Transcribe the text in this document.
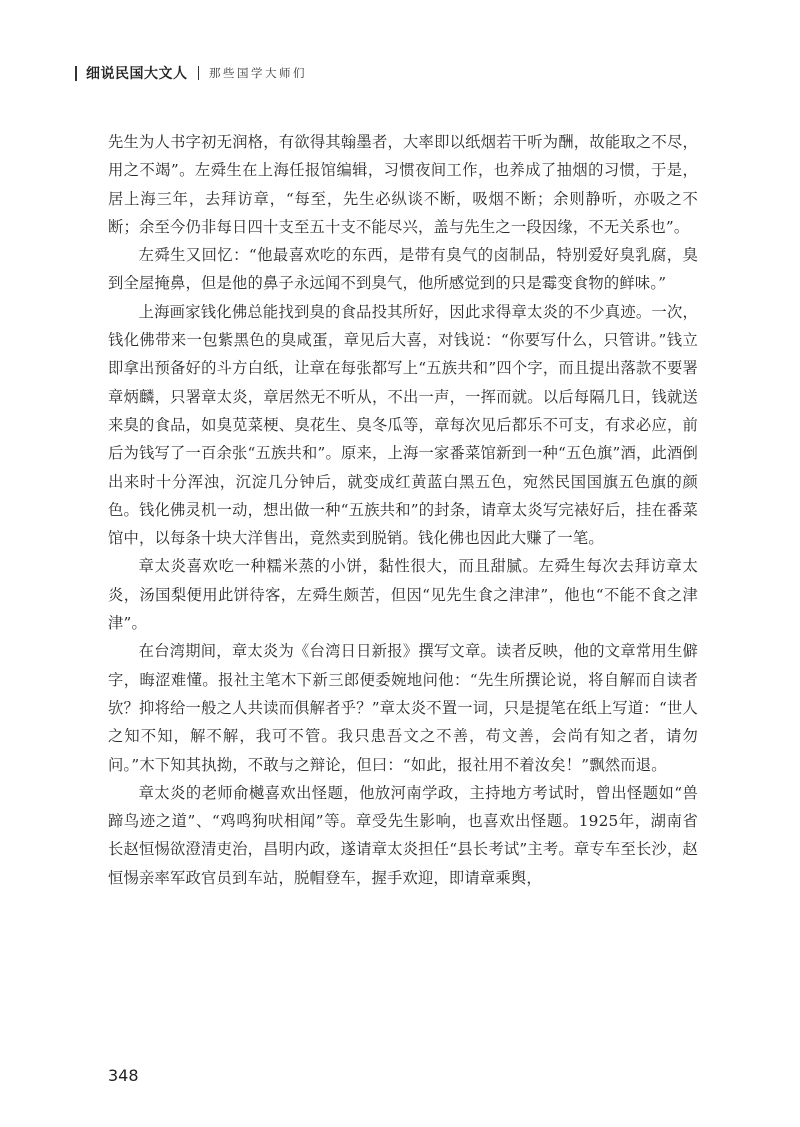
细说民国大文人 那些国学大师们

先生为人书字初无润格，有欲得其翰墨者，大率即以纸烟若干听为酬，故能取之不尽，用之不竭”。左舜生在上海任报馆编辑，习惯夜间工作，也养成了抽烟的习惯，于是，居上海三年，去拜访章，“每至，先生必纵谈不断，吸烟不断；余则静听，亦吸之不断；余至今仍非每日四十支至五十支不能尽兴，盖与先生之一段因缘，不无关系也”。

左舜生又回忆：“他最喜欢吃的东西，是带有臭气的卤制品，特别爱好臭乳腐，臭到全屋掩鼻，但是他的鼻子永远闻不到臭气，他所感觉到的只是霉变食物的鲜味。”

上海画家钱化佛总能找到臭的食品投其所好，因此求得章太炎的不少真迹。一次，钱化佛带来一包紫黑色的臭咸蛋，章见后大喜，对钱说：“你要写什么，只管讲。”钱立即拿出预备好的斗方白纸，让章在每张都写上“五族共和”四个字，而且提出落款不要署章炳麟，只署章太炎，章居然无不听从，不出一声，一挥而就。以后每隔几日，钱就送来臭的食品，如臭苋菜梗、臭花生、臭冬瓜等，章每次见后都乐不可支，有求必应，前后为钱写了一百余张“五族共和”。原来，上海一家番菜馆新到一种“五色旗”酒，此酒倒出来时十分浑浊，沉淀几分钟后，就变成红黄蓝白黑五色，宛然民国国旗五色旗的颜色。钱化佛灵机一动，想出做一种“五族共和”的封条，请章太炎写完裱好后，挂在番菜馆中，以每条十块大洋售出，竟然卖到脱销。钱化佛也因此大赚了一笔。

章太炎喜欢吃一种糯米蒸的小饼，黏性很大，而且甜腻。左舜生每次去拜访章太炎，汤国梨便用此饼待客，左舜生颇苦，但因“见先生食之津津”，他也“不能不食之津津”。

在台湾期间，章太炎为《台湾日日新报》撰写文章。读者反映，他的文章常用生僻字，晦涩难懂。报社主笔木下新三郎便委婉地问他：“先生所撰论说，将自解而自读者欤？抑将给一般之人共读而俱解者乎？”章太炎不置一词，只是提笔在纸上写道：“世人之知不知，解不解，我可不管。我只患吾文之不善，苟文善，会尚有知之者，请勿问。”木下知其执拗，不敢与之辩论，但曰：“如此，报社用不着汝矣！”飘然而退。

章太炎的老师俞樾喜欢出怪题，他放河南学政，主持地方考试时，曾出怪题如“兽蹄鸟迹之道”、“鸡鸣狗吠相闻”等。章受先生影响，也喜欢出怪题。1925年，湖南省长赵恒惕欲澄清吏治，昌明内政，遂请章太炎担任“县长考试”主考。章专车至长沙，赵恒惕亲率军政官员到车站，脱帽登车，握手欢迎，即请章乘舆，

348
